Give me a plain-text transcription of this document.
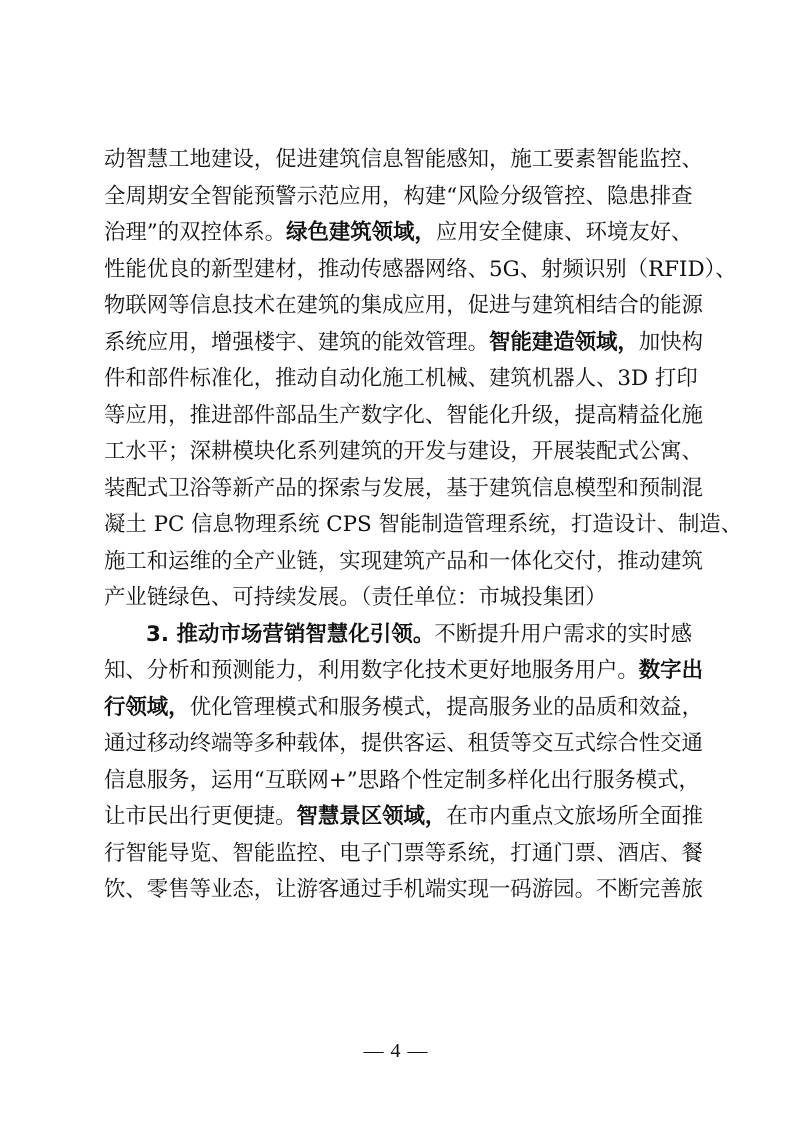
动智慧工地建设，促进建筑信息智能感知，施工要素智能监控、
全周期安全智能预警示范应用，构建“风险分级管控、隐患排查
治理”的双控体系。绿色建筑领域，应用安全健康、环境友好、
性能优良的新型建材，推动传感器网络、5G、射频识别（RFID）、
物联网等信息技术在建筑的集成应用，促进与建筑相结合的能源
系统应用，增强楼宇、建筑的能效管理。智能建造领域，加快构
件和部件标准化，推动自动化施工机械、建筑机器人、3D 打印
等应用，推进部件部品生产数字化、智能化升级，提高精益化施
工水平；深耕模块化系列建筑的开发与建设，开展装配式公寓、
装配式卫浴等新产品的探索与发展，基于建筑信息模型和预制混
凝土 PC 信息物理系统 CPS 智能制造管理系统，打造设计、制造、
施工和运维的全产业链，实现建筑产品和一体化交付，推动建筑
产业链绿色、可持续发展。（责任单位：市城投集团）
3. 推动市场营销智慧化引领。不断提升用户需求的实时感
知、分析和预测能力，利用数字化技术更好地服务用户。数字出
行领域，优化管理模式和服务模式，提高服务业的品质和效益，
通过移动终端等多种载体，提供客运、租赁等交互式综合性交通
信息服务，运用“互联网+”思路个性定制多样化出行服务模式，
让市民出行更便捷。智慧景区领域，在市内重点文旅场所全面推
行智能导览、智能监控、电子门票等系统，打通门票、酒店、餐
饮、零售等业态，让游客通过手机端实现一码游园。不断完善旅
— 4 —
